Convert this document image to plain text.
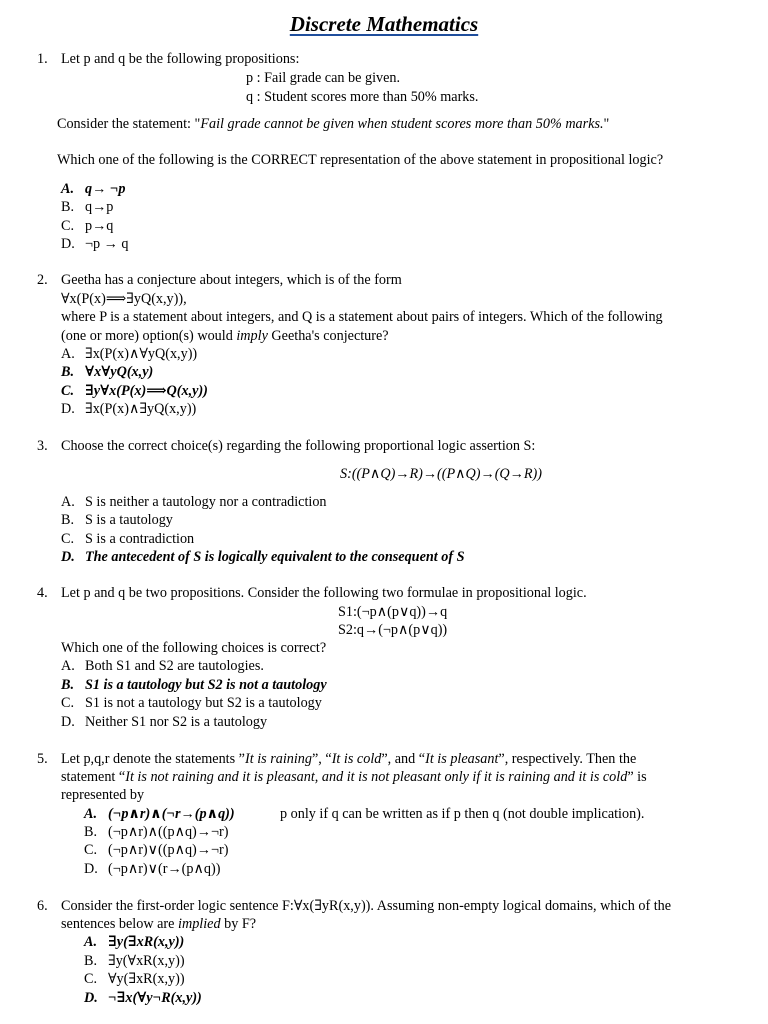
Discrete Mathematics
1. Let p and q be the following propositions:
p : Fail grade can be given.
q : Student scores more than 50% marks.
Consider the statement: "Fail grade cannot be given when student scores more than 50% marks."
Which one of the following is the CORRECT representation of the above statement in propositional logic?
A. q→ ¬p
B. q→p
C. p→q
D. ¬p → q
2. Geetha has a conjecture about integers, which is of the form
∀x(P(x)⟹∃yQ(x,y)),
where P is a statement about integers, and Q is a statement about pairs of integers. Which of the following
(one or more) option(s) would imply Geetha's conjecture?
A. ∃x(P(x)∧∀yQ(x,y))
B. ∀x∀yQ(x,y)
C. ∃y∀x(P(x)⟹Q(x,y))
D. ∃x(P(x)∧∃yQ(x,y))
3. Choose the correct choice(s) regarding the following proportional logic assertion S:
S:((P∧Q)→R)→((P∧Q)→(Q→R))
A. S is neither a tautology nor a contradiction
B. S is a tautology
C. S is a contradiction
D. The antecedent of S is logically equivalent to the consequent of S
4. Let p and q be two propositions. Consider the following two formulae in propositional logic.
S1:(¬p∧(p∨q))→q
S2:q→(¬p∧(p∨q))
Which one of the following choices is correct?
A. Both S1 and S2 are tautologies.
B. S1 is a tautology but S2 is not a tautology
C. S1 is not a tautology but S2 is a tautology
D. Neither S1 nor S2 is a tautology
5. Let p,q,r denote the statements ”It is raining”, “It is cold”, and “It is pleasant”, respectively. Then the
statement “It is not raining and it is pleasant, and it is not pleasant only if it is raining and it is cold” is
represented by
A. (¬p∧r)∧(¬r→(p∧q))	p only if q can be written as if p then q (not double implication).
B. (¬p∧r)∧((p∧q)→¬r)
C. (¬p∧r)∨((p∧q)→¬r)
D. (¬p∧r)∨(r→(p∧q))
6. Consider the first-order logic sentence F:∀x(∃yR(x,y)). Assuming non-empty logical domains, which of the
sentences below are implied by F?
A. ∃y(∃xR(x,y))
B. ∃y(∀xR(x,y))
C. ∀y(∃xR(x,y))
D. ¬∃x(∀y¬R(x,y))
